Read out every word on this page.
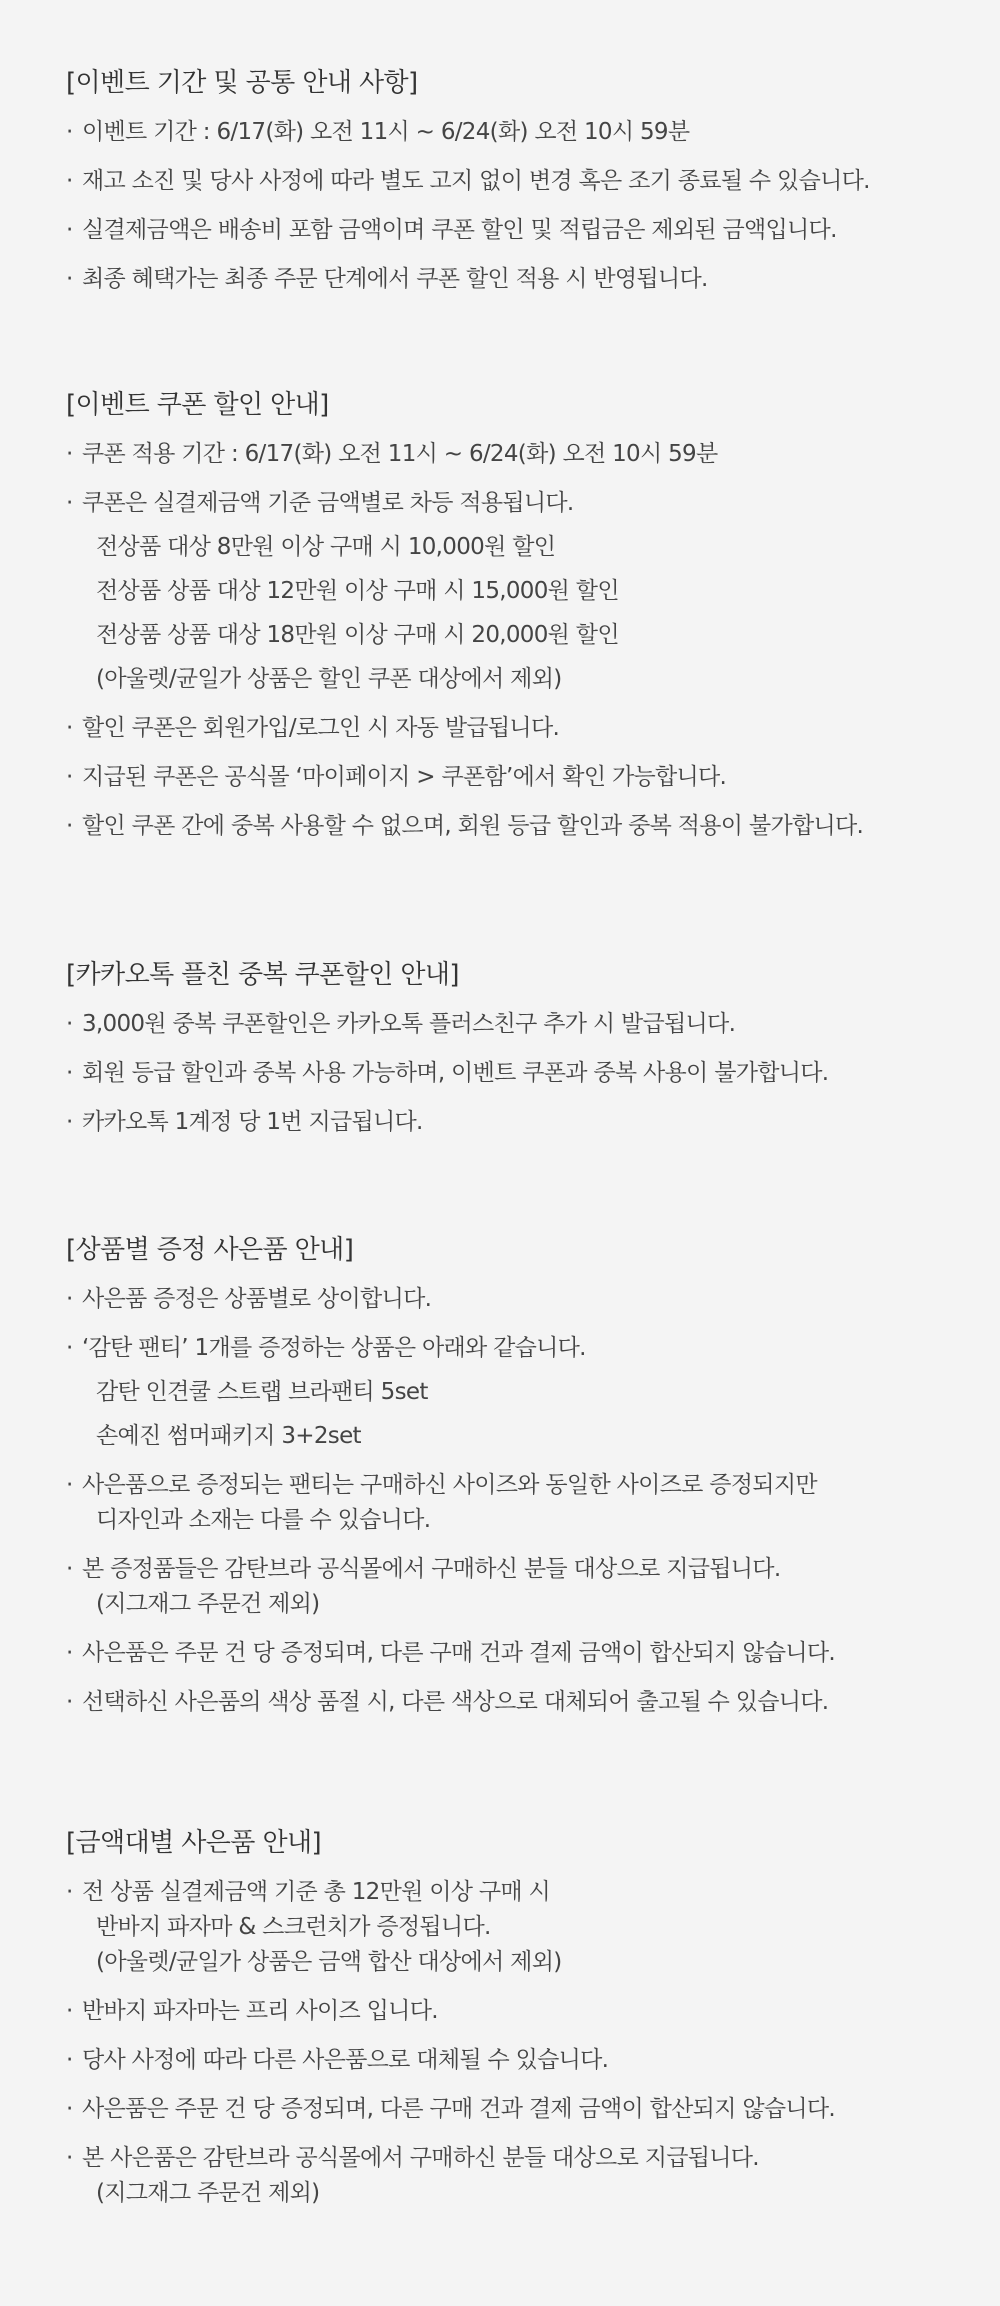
[이벤트 기간 및 공통 안내 사항]
· 이벤트 기간 : 6/17(화) 오전 11시 ~ 6/24(화) 오전 10시 59분
· 재고 소진 및 당사 사정에 따라 별도 고지 없이 변경 혹은 조기 종료될 수 있습니다.
· 실결제금액은 배송비 포함 금액이며 쿠폰 할인 및 적립금은 제외된 금액입니다.
· 최종 혜택가는 최종 주문 단계에서 쿠폰 할인 적용 시 반영됩니다.
[이벤트 쿠폰 할인 안내]
· 쿠폰 적용 기간 : 6/17(화) 오전 11시 ~ 6/24(화) 오전 10시 59분
· 쿠폰은 실결제금액 기준 금액별로 차등 적용됩니다.
전상품 대상 8만원 이상 구매 시 10,000원 할인
전상품 상품 대상 12만원 이상 구매 시 15,000원 할인
전상품 상품 대상 18만원 이상 구매 시 20,000원 할인
(아울렛/균일가 상품은 할인 쿠폰 대상에서 제외)
· 할인 쿠폰은 회원가입/로그인 시 자동 발급됩니다.
· 지급된 쿠폰은 공식몰 ‘마이페이지 > 쿠폰함’에서 확인 가능합니다.
· 할인 쿠폰 간에 중복 사용할 수 없으며, 회원 등급 할인과 중복 적용이 불가합니다.
[카카오톡 플친 중복 쿠폰할인 안내]
· 3,000원 중복 쿠폰할인은 카카오톡 플러스친구 추가 시 발급됩니다.
· 회원 등급 할인과 중복 사용 가능하며, 이벤트 쿠폰과 중복 사용이 불가합니다.
· 카카오톡 1계정 당 1번 지급됩니다.
[상품별 증정 사은품 안내]
· 사은품 증정은 상품별로 상이합니다.
· ‘감탄 팬티’ 1개를 증정하는 상품은 아래와 같습니다.
감탄 인견쿨 스트랩 브라팬티 5set
손예진 썸머패키지 3+2set
· 사은품으로 증정되는 팬티는 구매하신 사이즈와 동일한 사이즈로 증정되지만
디자인과 소재는 다를 수 있습니다.
· 본 증정품들은 감탄브라 공식몰에서 구매하신 분들 대상으로 지급됩니다.
(지그재그 주문건 제외)
· 사은품은 주문 건 당 증정되며, 다른 구매 건과 결제 금액이 합산되지 않습니다.
· 선택하신 사은품의 색상 품절 시, 다른 색상으로 대체되어 출고될 수 있습니다.
[금액대별 사은품 안내]
· 전 상품 실결제금액 기준 총 12만원 이상 구매 시
반바지 파자마 & 스크런치가 증정됩니다.
(아울렛/균일가 상품은 금액 합산 대상에서 제외)
· 반바지 파자마는 프리 사이즈 입니다.
· 당사 사정에 따라 다른 사은품으로 대체될 수 있습니다.
· 사은품은 주문 건 당 증정되며, 다른 구매 건과 결제 금액이 합산되지 않습니다.
· 본 사은품은 감탄브라 공식몰에서 구매하신 분들 대상으로 지급됩니다.
(지그재그 주문건 제외)
